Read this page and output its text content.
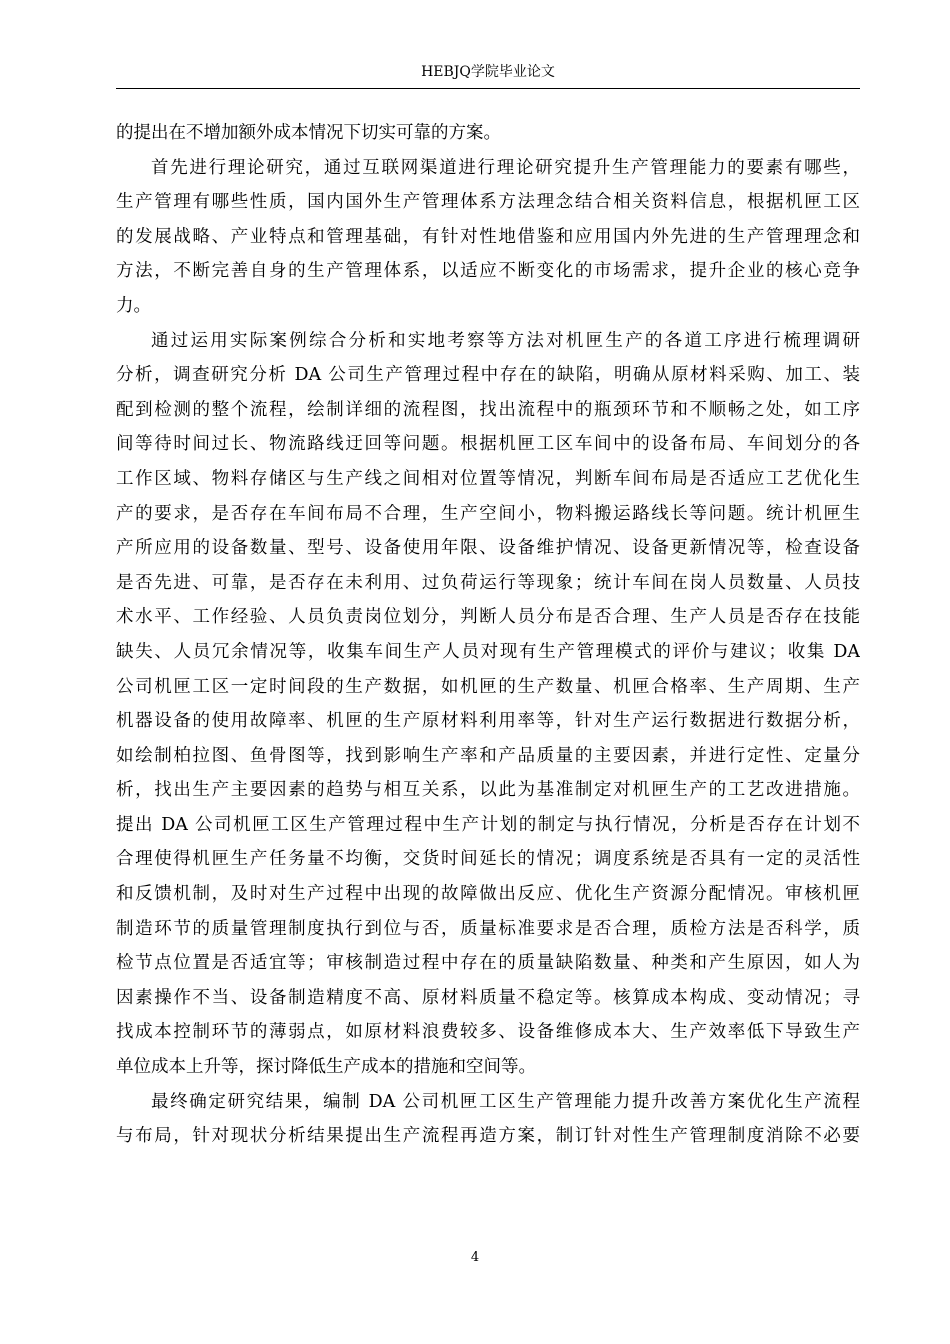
HEBJQ学院毕业论文
的提出在不增加额外成本情况下切实可靠的方案。
首先进行理论研究，通过互联网渠道进行理论研究提升生产管理能力的要素有哪些，
生产管理有哪些性质，国内国外生产管理体系方法理念结合相关资料信息，根据机匣工区
的发展战略、产业特点和管理基础，有针对性地借鉴和应用国内外先进的生产管理理念和
方法，不断完善自身的生产管理体系，以适应不断变化的市场需求，提升企业的核心竞争
力。
通过运用实际案例综合分析和实地考察等方法对机匣生产的各道工序进行梳理调研
分析，调查研究分析 DA 公司生产管理过程中存在的缺陷，明确从原材料采购、加工、装
配到检测的整个流程，绘制详细的流程图，找出流程中的瓶颈环节和不顺畅之处，如工序
间等待时间过长、物流路线迂回等问题。根据机匣工区车间中的设备布局、车间划分的各
工作区域、物料存储区与生产线之间相对位置等情况，判断车间布局是否适应工艺优化生
产的要求，是否存在车间布局不合理，生产空间小，物料搬运路线长等问题。统计机匣生
产所应用的设备数量、型号、设备使用年限、设备维护情况、设备更新情况等，检查设备
是否先进、可靠，是否存在未利用、过负荷运行等现象；统计车间在岗人员数量、人员技
术水平、工作经验、人员负责岗位划分，判断人员分布是否合理、生产人员是否存在技能
缺失、人员冗余情况等，收集车间生产人员对现有生产管理模式的评价与建议；收集 DA
公司机匣工区一定时间段的生产数据，如机匣的生产数量、机匣合格率、生产周期、生产
机器设备的使用故障率、机匣的生产原材料利用率等，针对生产运行数据进行数据分析，
如绘制柏拉图、鱼骨图等，找到影响生产率和产品质量的主要因素，并进行定性、定量分
析，找出生产主要因素的趋势与相互关系，以此为基准制定对机匣生产的工艺改进措施。
提出 DA 公司机匣工区生产管理过程中生产计划的制定与执行情况，分析是否存在计划不
合理使得机匣生产任务量不均衡，交货时间延长的情况；调度系统是否具有一定的灵活性
和反馈机制，及时对生产过程中出现的故障做出反应、优化生产资源分配情况。审核机匣
制造环节的质量管理制度执行到位与否，质量标准要求是否合理，质检方法是否科学，质
检节点位置是否适宜等；审核制造过程中存在的质量缺陷数量、种类和产生原因，如人为
因素操作不当、设备制造精度不高、原材料质量不稳定等。核算成本构成、变动情况；寻
找成本控制环节的薄弱点，如原材料浪费较多、设备维修成本大、生产效率低下导致生产
单位成本上升等，探讨降低生产成本的措施和空间等。
最终确定研究结果，编制 DA 公司机匣工区生产管理能力提升改善方案优化生产流程
与布局，针对现状分析结果提出生产流程再造方案，制订针对性生产管理制度消除不必要
4
